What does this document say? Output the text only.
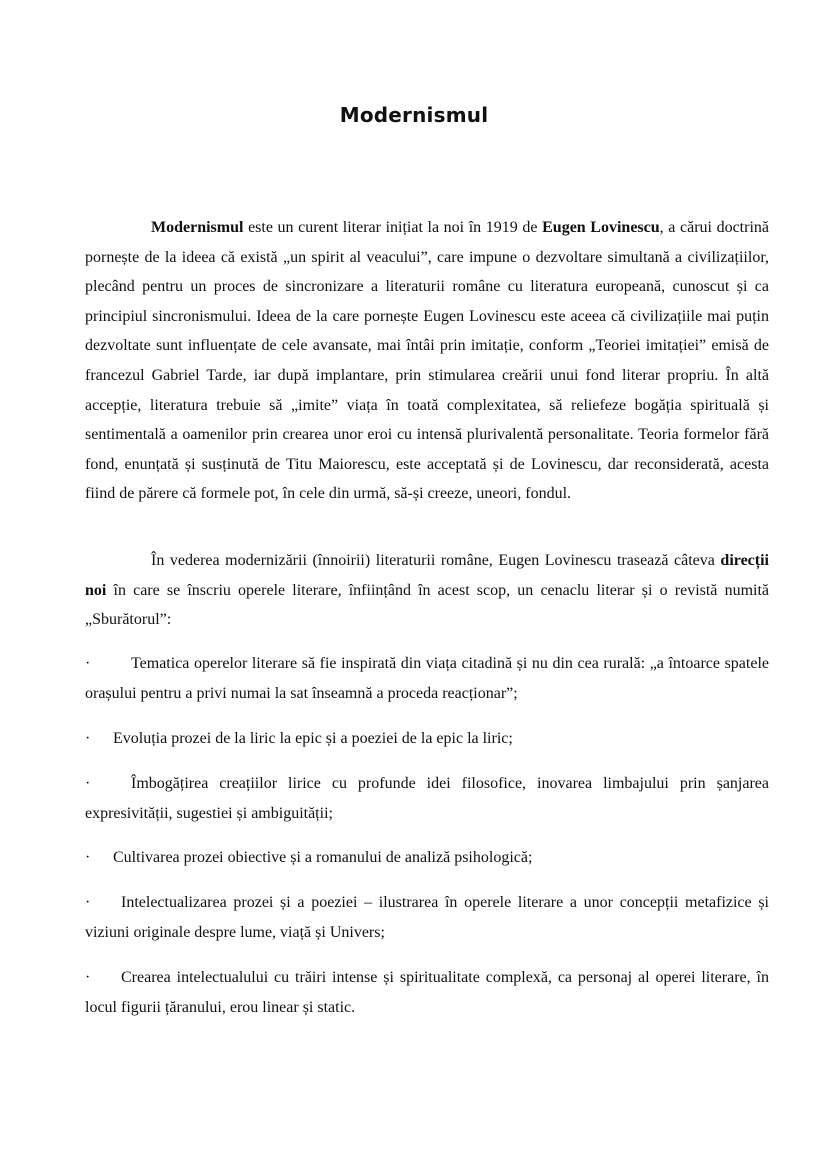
Modernismul
Modernismul este un curent literar inițiat la noi în 1919 de Eugen Lovinescu, a cărui doctrină pornește de la ideea că există „un spirit al veacului”, care impune o dezvoltare simultană a civilizațiilor, plecând pentru un proces de sincronizare a literaturii române cu literatura europeană, cunoscut și ca principiul sincronismului. Ideea de la care pornește Eugen Lovinescu este aceea că civilizațiile mai puțin dezvoltate sunt influențate de cele avansate, mai întâi prin imitație, conform „Teoriei imitației” emisă de francezul Gabriel Tarde, iar după implantare, prin stimularea creării unui fond literar propriu. În altă accepție, literatura trebuie să „imite” viața în toată complexitatea, să reliefeze bogăția spirituală și sentimentală a oamenilor prin crearea unor eroi cu intensă plurivalentă personalitate. Teoria formelor fără fond, enunțată și susținută de Titu Maiorescu, este acceptată și de Lovinescu, dar reconsiderată, acesta fiind de părere că formele pot, în cele din urmă, să-și creeze, uneori, fondul.
În vederea modernizării (înnoirii) literaturii române, Eugen Lovinescu trasează câteva direcții noi în care se înscriu operele literare, înființând în acest scop, un cenaclu literar și o revistă numită „Sburătorul”:
·	Tematica operelor literare să fie inspirată din viața citadină și nu din cea rurală: „a întoarce spatele orașului pentru a privi numai la sat înseamnă a proceda reacționar”;
· Evoluția prozei de la liric la epic și a poeziei de la epic la liric;
·	Îmbogățirea creațiilor lirice cu profunde idei filosofice, inovarea limbajului prin șanjarea expresivității, sugestiei și ambiguității;
· Cultivarea prozei obiective și a romanului de analiză psihologică;
· Intelectualizarea prozei și a poeziei – ilustrarea în operele literare a unor concepții metafizice și viziuni originale despre lume, viață și Univers;
· Crearea intelectualului cu trăiri intense și spiritualitate complexă, ca personaj al operei literare, în locul figurii țăranului, erou linear și static.
